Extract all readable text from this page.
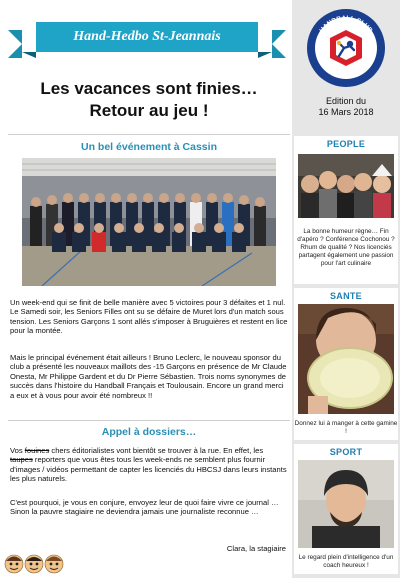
Hand-Hedbo St-Jeannais
Les vacances sont finies…
Retour au jeu !
HANDBALL CLUB
SAINT-JEAN
Edition du
16 Mars 2018
Un bel événement à Cassin

Un week-end qui se finit de belle manière avec 5 victoires pour 3 défaites et 1 nul. Le Samedi soir, les Seniors Filles ont su se défaire de Muret lors d'un match sous tension. Les Seniors Garçons 1 sont allés s'imposer à Bruguières et restent en lice pour la montée.

Mais le principal événement était ailleurs ! Bruno Leclerc, le nouveau sponsor du club a présenté les nouveaux maillots des -15 Garçons en présence de Mr Claude Onesta, Mr Philippe Gardent et du Dr Pierre Sébastien. Trois noms synonymes de succès dans l'histoire du Handball Français et Toulousain. Encore un grand merci a eux et à vous pour avoir été nombreux !!

Appel à dossiers…

Vos fouines chers éditorialistes vont bientôt se trouver à la rue. En effet, les taupes reporters que vous êtes tous les week-ends ne semblent plus fournir d'images / vidéos permettant de capter les licenciés du HBCSJ dans leurs instants les plus naturels.

C'est pourquoi, je vous en conjure, envoyez leur de quoi faire vivre ce journal … Sinon la pauvre stagiaire ne deviendra jamais une journaliste reconnue …

Clara, la stagiaire
PEOPLE
La bonne humeur règne… Fin d'apéro ? Conférence Cochonou ? Rhum de qualité ? Nos licenciés partagent également une passion pour l'art culinaire
SANTE
Donnez lui à manger à cette gamine !
SPORT
Le regard plein d'intelligence d'un coach heureux !
